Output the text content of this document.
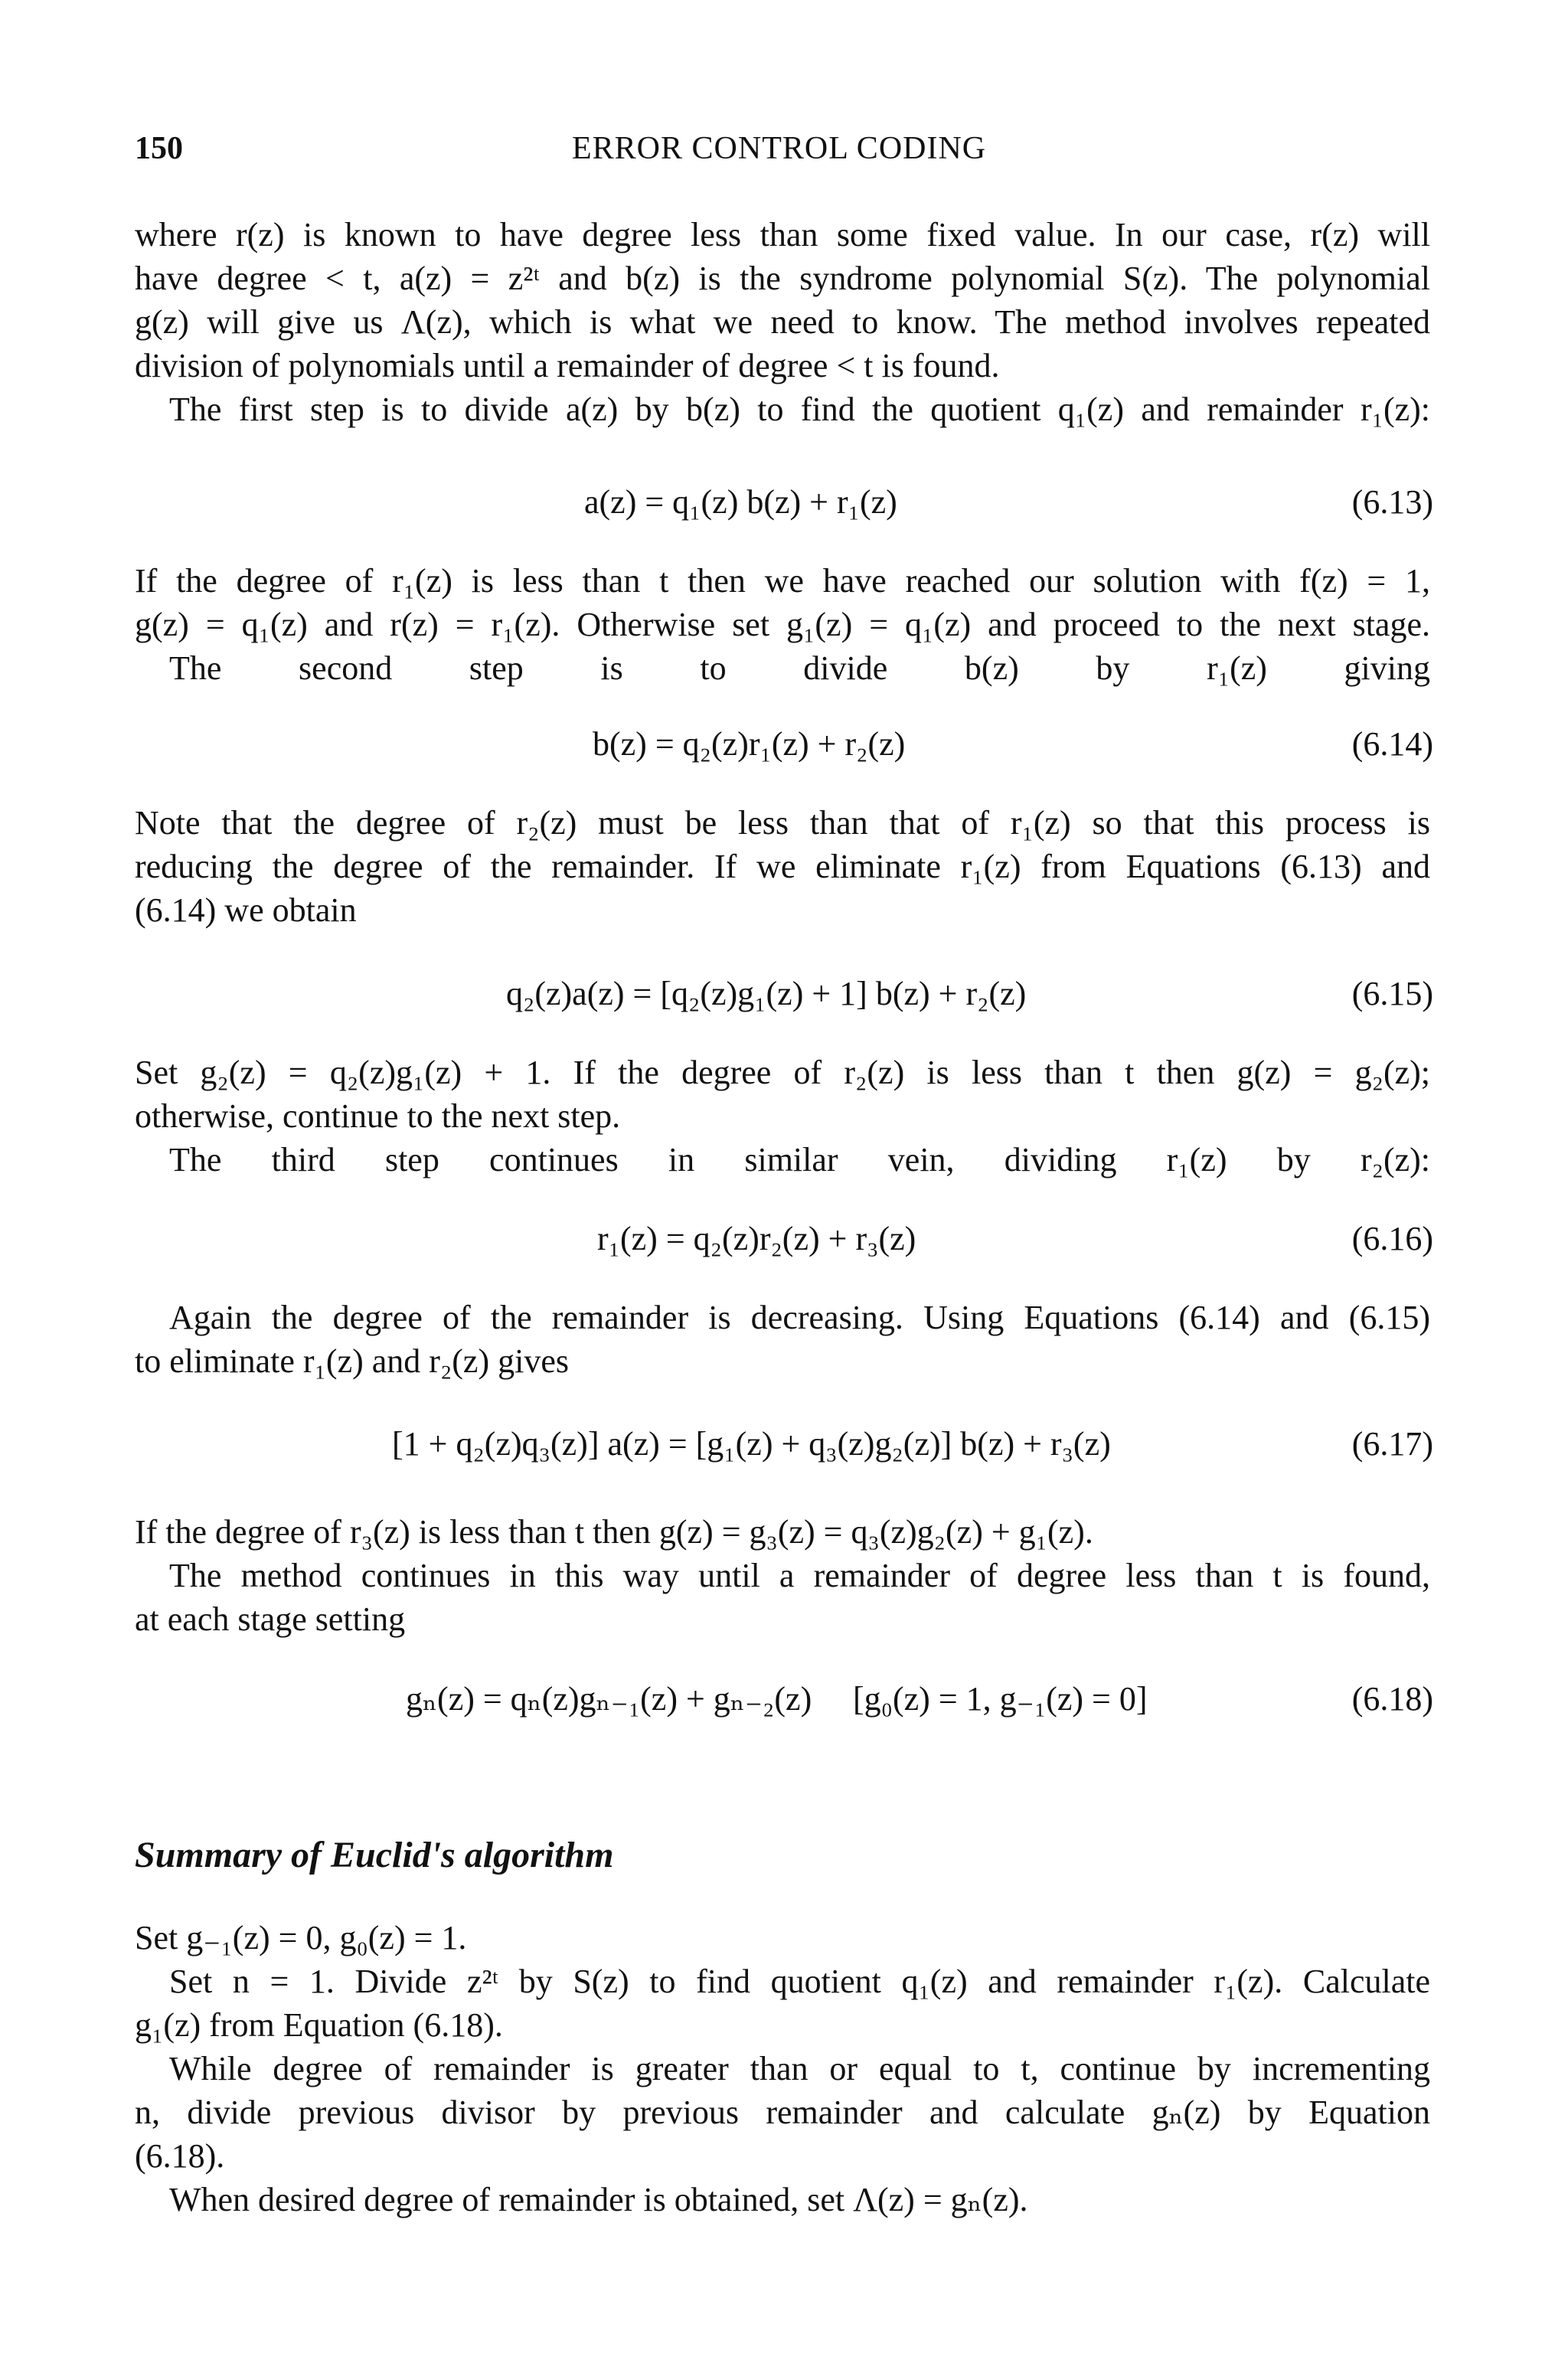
150	ERROR CONTROL CODING
where r(z) is known to have degree less than some fixed value. In our case, r(z) will
have degree < t, a(z) = z²ᵗ and b(z) is the syndrome polynomial S(z). The polynomial
g(z) will give us Λ(z), which is what we need to know. The method involves repeated
division of polynomials until a remainder of degree < t is found.
The first step is to divide a(z) by b(z) to find the quotient q₁(z) and remainder r₁(z):
a(z) = q₁(z) b(z) + r₁(z)	(6.13)
If the degree of r₁(z) is less than t then we have reached our solution with f(z) = 1,
g(z) = q₁(z) and r(z) = r₁(z). Otherwise set g₁(z) = q₁(z) and proceed to the next stage.
The second step is to divide b(z) by r₁(z) giving
b(z) = q₂(z)r₁(z) + r₂(z)	(6.14)
Note that the degree of r₂(z) must be less than that of r₁(z) so that this process is
reducing the degree of the remainder. If we eliminate r₁(z) from Equations (6.13) and
(6.14) we obtain
q₂(z)a(z) = [q₂(z)g₁(z) + 1] b(z) + r₂(z)	(6.15)
Set g₂(z) = q₂(z)g₁(z) + 1. If the degree of r₂(z) is less than t then g(z) = g₂(z);
otherwise, continue to the next step.
The third step continues in similar vein, dividing r₁(z) by r₂(z):
r₁(z) = q₂(z)r₂(z) + r₃(z)	(6.16)
Again the degree of the remainder is decreasing. Using Equations (6.14) and (6.15)
to eliminate r₁(z) and r₂(z) gives
[1 + q₂(z)q₃(z)] a(z) = [g₁(z) + q₃(z)g₂(z)] b(z) + r₃(z)	(6.17)
If the degree of r₃(z) is less than t then g(z) = g₃(z) = q₃(z)g₂(z) + g₁(z).
The method continues in this way until a remainder of degree less than t is found,
at each stage setting
gₙ(z) = qₙ(z)gₙ₋₁(z) + gₙ₋₂(z) [g₀(z) = 1, g₋₁(z) = 0]	(6.18)
Summary of Euclid's algorithm
Set g₋₁(z) = 0, g₀(z) = 1.
Set n = 1. Divide z²ᵗ by S(z) to find quotient q₁(z) and remainder r₁(z). Calculate
g₁(z) from Equation (6.18).
While degree of remainder is greater than or equal to t, continue by incrementing
n, divide previous divisor by previous remainder and calculate gₙ(z) by Equation
(6.18).
When desired degree of remainder is obtained, set Λ(z) = gₙ(z).
